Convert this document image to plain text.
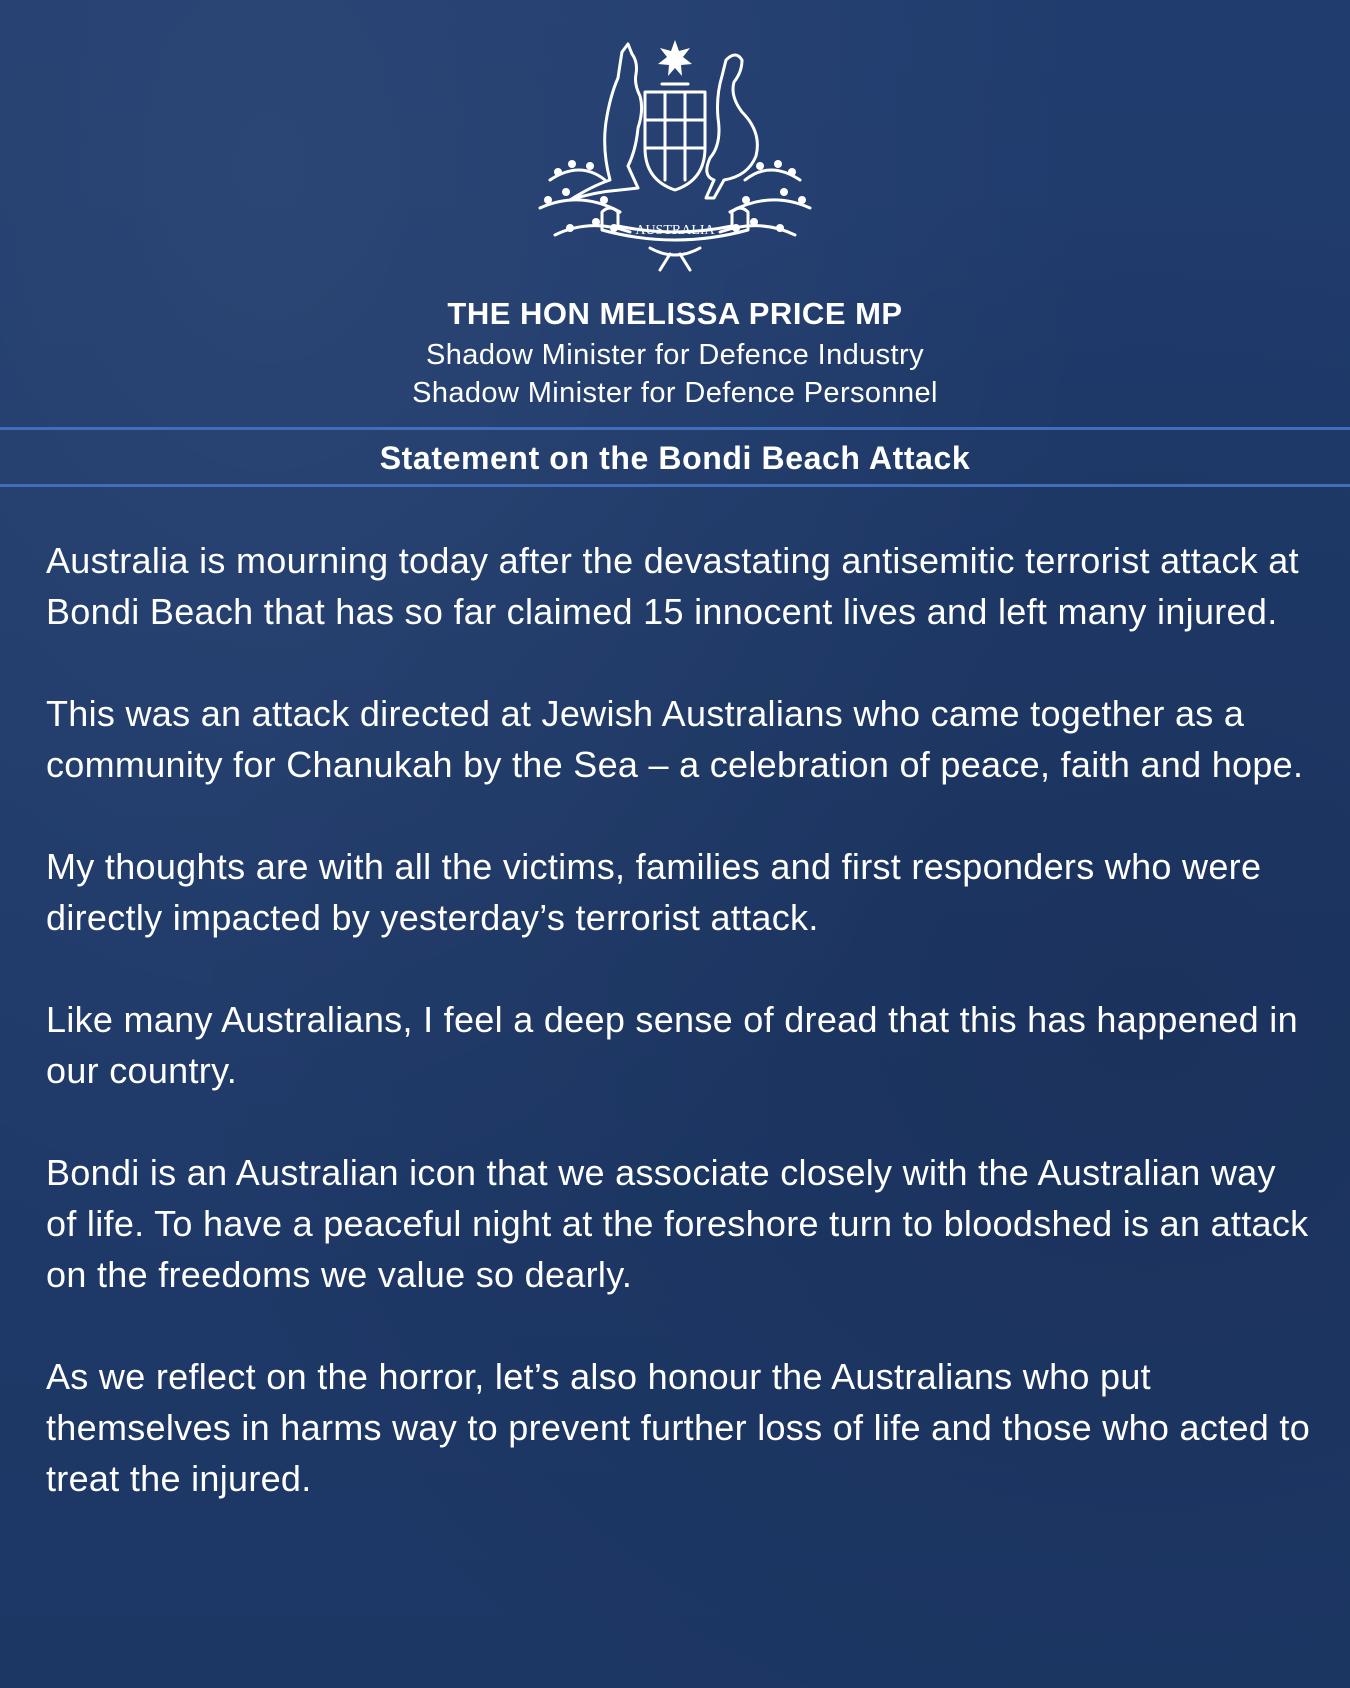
AUSTRALIA

THE HON MELISSA PRICE MP

Shadow Minister for Defence Industry

Shadow Minister for Defence Personnel

Statement on the Bondi Beach Attack

Australia is mourning today after the devastating antisemitic terrorist attack at Bondi Beach that has so far claimed 15 innocent lives and left many injured.

This was an attack directed at Jewish Australians who came together as a community for Chanukah by the Sea – a celebration of peace, faith and hope.

My thoughts are with all the victims, families and first responders who were directly impacted by yesterday’s terrorist attack.

Like many Australians, I feel a deep sense of dread that this has happened in our country.

Bondi is an Australian icon that we associate closely with the Australian way of life. To have a peaceful night at the foreshore turn to bloodshed is an attack on the freedoms we value so dearly.

As we reflect on the horror, let’s also honour the Australians who put themselves in harms way to prevent further loss of life and those who acted to treat the injured.
